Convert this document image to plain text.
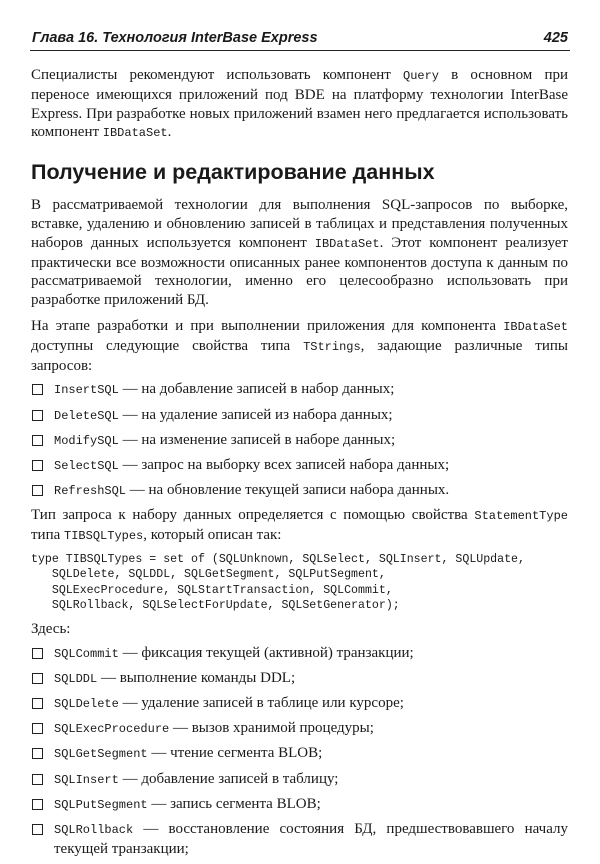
Глава 16. Технология InterBase Express	425

Специалисты рекомендуют использовать компонент Query в основном при переносе имеющихся приложений под BDE на платформу технологии InterBase Express. При разработке новых приложений взамен него предлагается использовать компонент IBDataSet.

Получение и редактирование данных

В рассматриваемой технологии для выполнения SQL-запросов по выборке, вставке, удалению и обновлению записей в таблицах и представления полученных наборов данных используется компонент IBDataSet. Этот компонент реализует практически все возможности описанных ранее компонентов доступа к данным по рассматриваемой технологии, именно его целесообразно использовать при разработке приложений БД.

На этапе разработки и при выполнении приложения для компонента IBDataSet доступны следующие свойства типа TStrings, задающие различные типы запросов:

InsertSQL — на добавление записей в набор данных;
DeleteSQL — на удаление записей из набора данных;
ModifySQL — на изменение записей в наборе данных;
SelectSQL — запрос на выборку всех записей набора данных;
RefreshSQL — на обновление текущей записи набора данных.

Тип запроса к набору данных определяется с помощью свойства StatementType типа TIBSQLTypes, который описан так:

type TIBSQLTypes = set of (SQLUnknown, SQLSelect, SQLInsert, SQLUpdate,
SQLDelete, SQLDDL, SQLGetSegment, SQLPutSegment,
SQLExecProcedure, SQLStartTransaction, SQLCommit,
SQLRollback, SQLSelectForUpdate, SQLSetGenerator);

Здесь:

SQLCommit — фиксация текущей (активной) транзакции;
SQLDDL — выполнение команды DDL;
SQLDelete — удаление записей в таблице или курсоре;
SQLExecProcedure — вызов хранимой процедуры;
SQLGetSegment — чтение сегмента BLOB;
SQLInsert — добавление записей в таблицу;
SQLPutSegment — запись сегмента BLOB;
SQLRollback — восстановление состояния БД, предшествовавшего началу текущей транзакции;
